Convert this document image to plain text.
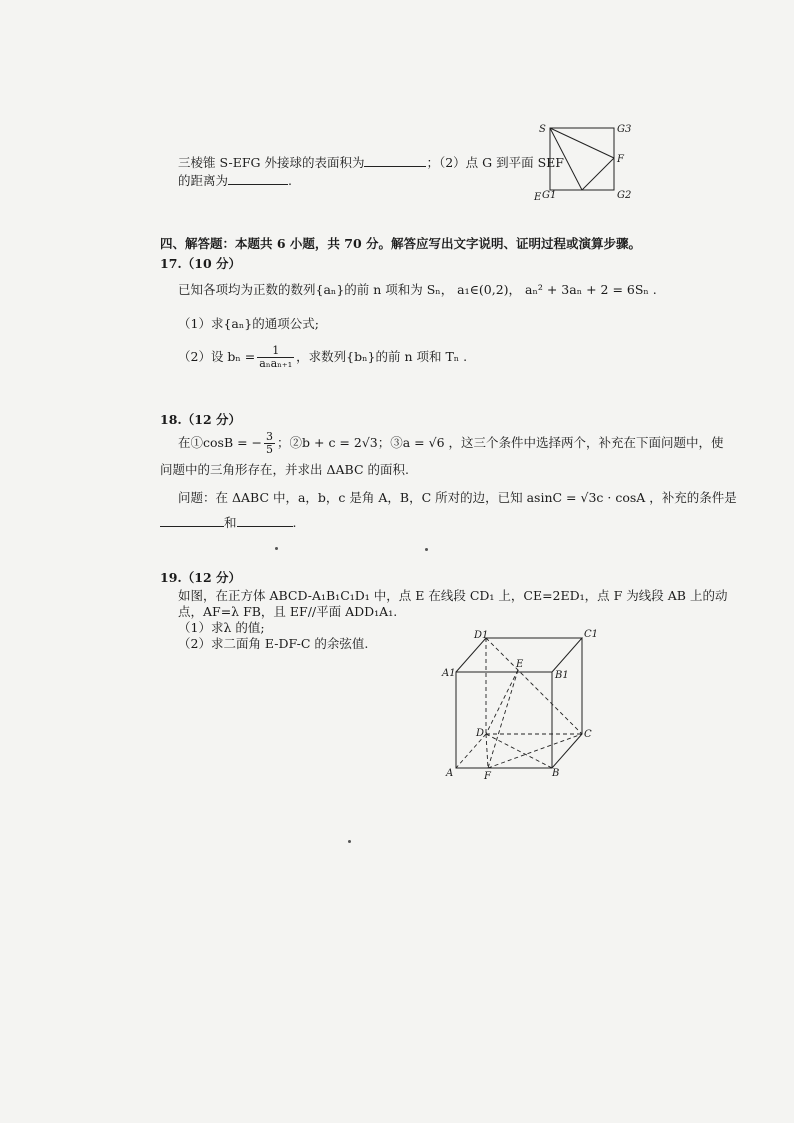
三棱锥 S-EFG 外接球的表面积为	；（2）点 G 到平面 SEF
的距离为	.
S	G3
F
E G1	G2
四、解答题：本题共 6 小题，共 70 分。解答应写出文字说明、证明过程或演算步骤。
17.（10 分）
已知各项均为正数的数列{aₙ}的前 n 项和为 Sₙ， a₁∈(0,2)， aₙ² + 3aₙ + 2 = 6Sₙ .
（1）求{aₙ}的通项公式;
（2）设 $b_n = \frac{1}{\text{aₙaₙ₊₁}}$ ，求数列{bₙ}的前 n 项和 Tₙ .
18.（12 分）
在①cosB = − $\frac{3}{5}$ ；②b + c = 2√3；③a = √6 ，这三个条件中选择两个，补充在下面问题中，使
问题中的三角形存在，并求出 ΔABC 的面积.
问题：在 ΔABC 中，a，b，c 是角 A，B，C 所对的边，已知 asinC = √3c · cosA ，补充的条件是
和	.
19.（12 分）
如图，在正方体 ABCD-A₁B₁C₁D₁ 中，点 E 在线段 CD₁ 上，CE=2ED₁，点 F 为线段 AB 上的动
点，AF=λ FB，且 EF//平面 ADD₁A₁.
（1）求λ 的值;
（2）求二面角 E-DF-C 的余弦值.
D1	C1
E
A1	B1
D	C
A	F	B
